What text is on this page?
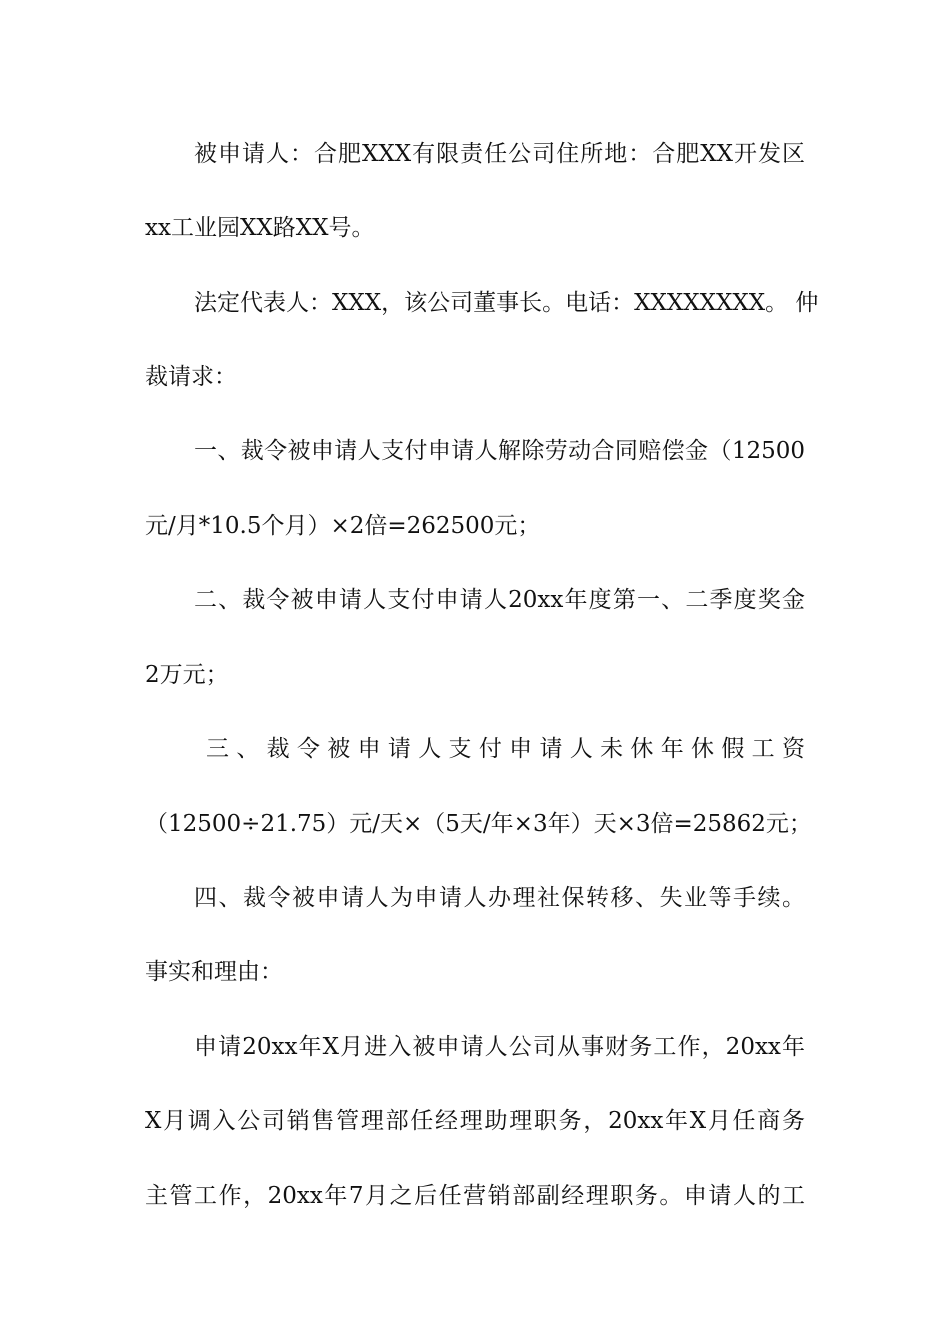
被申请人：合肥XXX有限责任公司住所地：合肥XX开发区
xx工业园XX路XX号。
法定代表人：XXX，该公司董事长。电话：XXXXXXXX。 仲
裁请求：
一、裁令被申请人支付申请人解除劳动合同赔偿金（12500
元/月*10.5个月）×2倍=262500元；
二、裁令被申请人支付申请人20xx年度第一、二季度奖金
2万元；
三、裁令被申请人支付申请人未休年休假工资
（12500÷21.75）元/天×（5天/年×3年）天×3倍=25862元；
四、裁令被申请人为申请人办理社保转移、失业等手续。
事实和理由：
申请20xx年X月进入被申请人公司从事财务工作，20xx年
X月调入公司销售管理部任经理助理职务，20xx年X月任商务
主管工作，20xx年7月之后任营销部副经理职务。申请人的工
